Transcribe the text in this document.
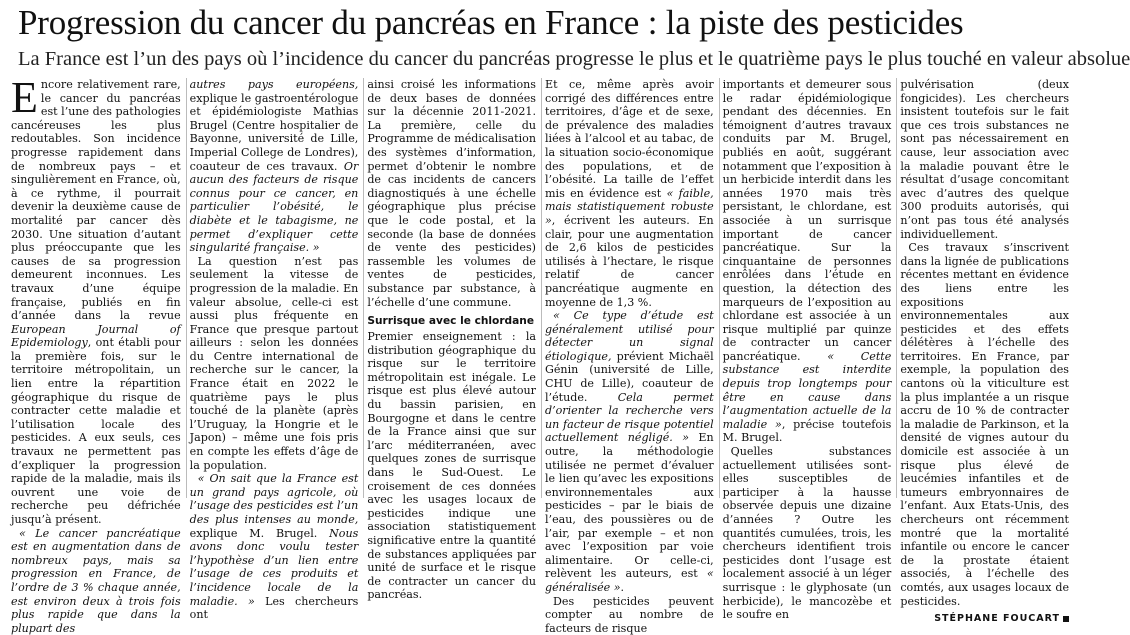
Progression du cancer du pancréas en France : la piste des pesticides

La France est l’un des pays où l’incidence du cancer du pancréas progresse le plus et le quatrième pays le plus touché en valeur absolue

Encore relativement rare, le cancer du pancréas est l’une des pathologies cancéreuses les plus redoutables. Son incidence progresse rapidement dans de nombreux pays – et singulièrement en France, où, à ce rythme, il pourrait devenir la deuxième cause de mortalité par cancer dès 2030. Une situation d’autant plus préoccupante que les causes de sa progression demeurent inconnues. Les travaux d’une équipe française, publiés en fin d’année dans la revue European Journal of Epidemiology, ont établi pour la première fois, sur le territoire métropolitain, un lien entre la répartition géographique du risque de contracter cette maladie et l’utilisation locale des pesticides. A eux seuls, ces travaux ne permettent pas d’expliquer la progression rapide de la maladie, mais ils ouvrent une voie de recherche peu défrichée jusqu’à présent.

« Le cancer pancréatique est en augmentation dans de nombreux pays, mais sa progression en France, de l’ordre de 3 % chaque année, est environ deux à trois fois plus rapide que dans la plupart des

autres pays européens, explique le gastroentérologue et épidémiologiste Mathias Brugel (Centre hospitalier de Bayonne, université de Lille, Imperial College de Londres), coauteur de ces travaux. Or aucun des facteurs de risque connus pour ce cancer, en particulier l’obésité, le diabète et le tabagisme, ne permet d’expliquer cette singularité française. »

La question n’est pas seulement la vitesse de progression de la maladie. En valeur absolue, celle-ci est aussi plus fréquente en France que presque partout ailleurs : selon les données du Centre international de recherche sur le cancer, la France était en 2022 le quatrième pays le plus touché de la planète (après l’Uruguay, la Hongrie et le Japon) – même une fois pris en compte les effets d’âge de la population.

« On sait que la France est un grand pays agricole, où l’usage des pesticides est l’un des plus intenses au monde, explique M. Brugel. Nous avons donc voulu tester l’hypothèse d’un lien entre l’usage de ces produits et l’incidence locale de la maladie. » Les chercheurs ont

ainsi croisé les informations de deux bases de données sur la décennie 2011-2021. La première, celle du Programme de médicalisation des systèmes d’information, permet d’obtenir le nombre de cas incidents de cancers diagnostiqués à une échelle géographique plus précise que le code postal, et la seconde (la base de données de vente des pesticides) rassemble les volumes de ventes de pesticides, substance par substance, à l’échelle d’une commune.

Surrisque avec le chlordane

Premier enseignement : la distribution géographique du risque sur le territoire métropolitain est inégale. Le risque est plus élevé autour du bassin parisien, en Bourgogne et dans le centre de la France ainsi que sur l’arc méditerranéen, avec quelques zones de surrisque dans le Sud-Ouest. Le croisement de ces données avec les usages locaux de pesticides indique une association statistiquement significative entre la quantité de substances appliquées par unité de surface et le risque de contracter un cancer du pancréas.

Et ce, même après avoir corrigé des différences entre territoires, d’âge et de sexe, de prévalence des maladies liées à l’alcool et au tabac, de la situation socio-économique des populations, et de l’obésité. La taille de l’effet mis en évidence est « faible, mais statistiquement robuste », écrivent les auteurs. En clair, pour une augmentation de 2,6 kilos de pesticides utilisés à l’hectare, le risque relatif de cancer pancréatique augmente en moyenne de 1,3 %.

« Ce type d’étude est généralement utilisé pour détecter un signal étiologique, prévient Michaël Génin (université de Lille, CHU de Lille), coauteur de l’étude. Cela permet d’orienter la recherche vers un facteur de risque potentiel actuellement négligé. » En outre, la méthodologie utilisée ne permet d’évaluer le lien qu’avec les expositions environnementales aux pesticides – par le biais de l’eau, des poussières ou de l’air, par exemple – et non avec l’exposition par voie alimentaire. Or celle-ci, relèvent les auteurs, est « généralisée ».

Des pesticides peuvent compter au nombre de facteurs de risque

importants et demeurer sous le radar épidémiologique pendant des décennies. En témoignent d’autres travaux conduits par M. Brugel, publiés en août, suggérant notamment que l’exposition à un herbicide interdit dans les années 1970 mais très persistant, le chlordane, est associée à un surrisque important de cancer pancréatique. Sur la cinquantaine de personnes enrôlées dans l’étude en question, la détection des marqueurs de l’exposition au chlordane est associée à un risque multiplié par quinze de contracter un cancer pancréatique. « Cette substance est interdite depuis trop longtemps pour être en cause dans l’augmentation actuelle de la maladie », précise toutefois M. Brugel.

Quelles substances actuellement utilisées sont-elles susceptibles de participer à la hausse observée depuis une dizaine d’années ? Outre les quantités cumulées, trois, les chercheurs identifient trois pesticides dont l’usage est localement associé à un léger surrisque : le glyphosate (un herbicide), le mancozèbe et le soufre en

pulvérisation (deux fongicides). Les chercheurs insistent toutefois sur le fait que ces trois substances ne sont pas nécessairement en cause, leur association avec la maladie pouvant être le résultat d’usage concomitant avec d’autres des quelque 300 produits autorisés, qui n’ont pas tous été analysés individuellement.

Ces travaux s’inscrivent dans la lignée de publications récentes mettant en évidence des liens entre les expositions environnementales aux pesticides et des effets délétères à l’échelle des territoires. En France, par exemple, la population des cantons où la viticulture est la plus implantée a un risque accru de 10 % de contracter la maladie de Parkinson, et la densité de vignes autour du domicile est associée à un risque plus élevé de leucémies infantiles et de tumeurs embryonnaires de l’enfant. Aux Etats-Unis, des chercheurs ont récemment montré que la mortalité infantile ou encore le cancer de la prostate étaient associés, à l’échelle des comtés, aux usages locaux de pesticides.

STÉPHANE FOUCART
